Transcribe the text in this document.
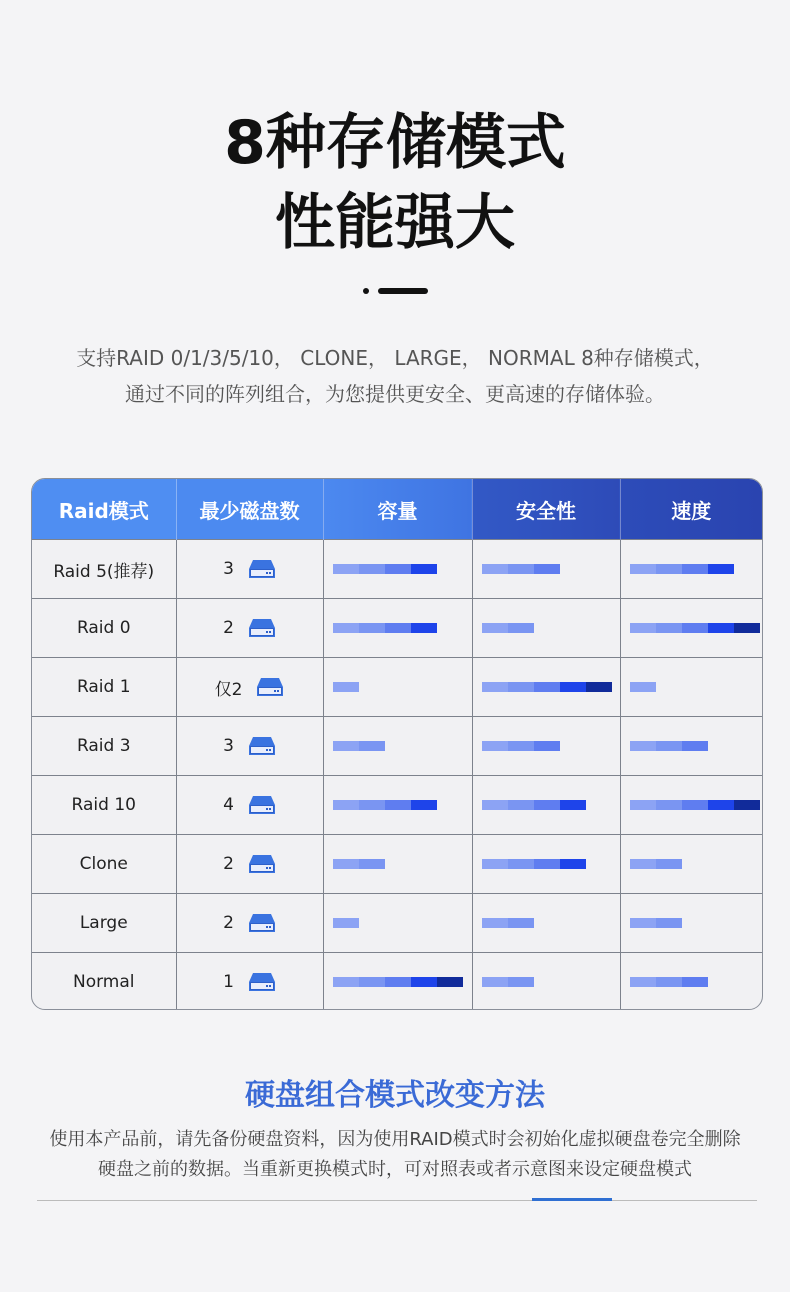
8种存储模式
性能强大
支持RAID 0/1/3/5/10， CLONE， LARGE， NORMAL 8种存储模式，
通过不同的阵列组合，为您提供更安全、更高速的存储体验。
Raid模式	最少磁盘数	容量	安全性	速度
Raid 5(推荐)	3			

Raid 0	2			

Raid 1	仅2			

Raid 3	3			

Raid 10	4			

Clone	2			

Large	2			

Normal	1			

硬盘组合模式改变方法
使用本产品前，请先备份硬盘资料，因为使用RAID模式时会初始化虚拟硬盘卷完全删除
硬盘之前的数据。当重新更换模式时，可对照表或者示意图来设定硬盘模式
